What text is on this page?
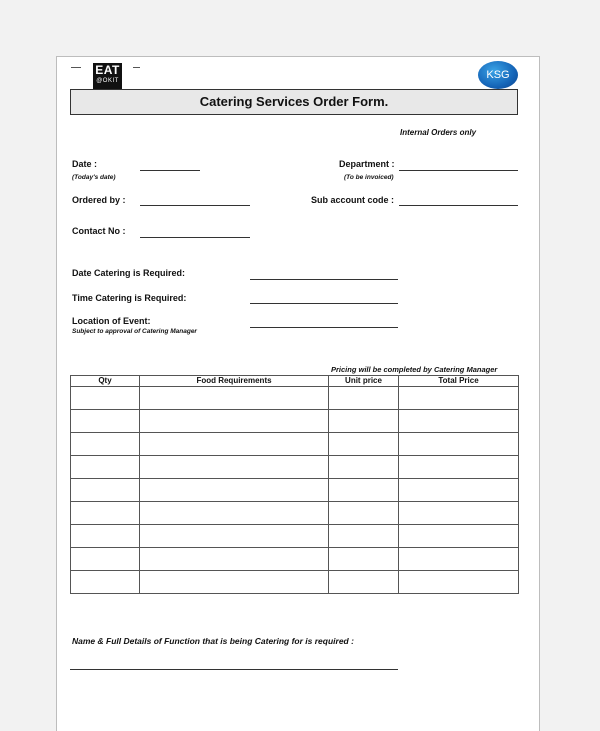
EAT
@OKIT	KSG
Catering Services Order Form.
Internal Orders only
Date :
(Today's date)
Department :
(To be invoiced)
Ordered by :	Sub account code :
Contact No :
Date Catering is Required:
Time Catering is Required:
Location of Event:
Subject to approval of Catering Manager
Pricing will be completed by Catering Manager
Qty	Food Requirements	Unit price	Total Price

Name & Full Details of Function that is being Catering for is required :
